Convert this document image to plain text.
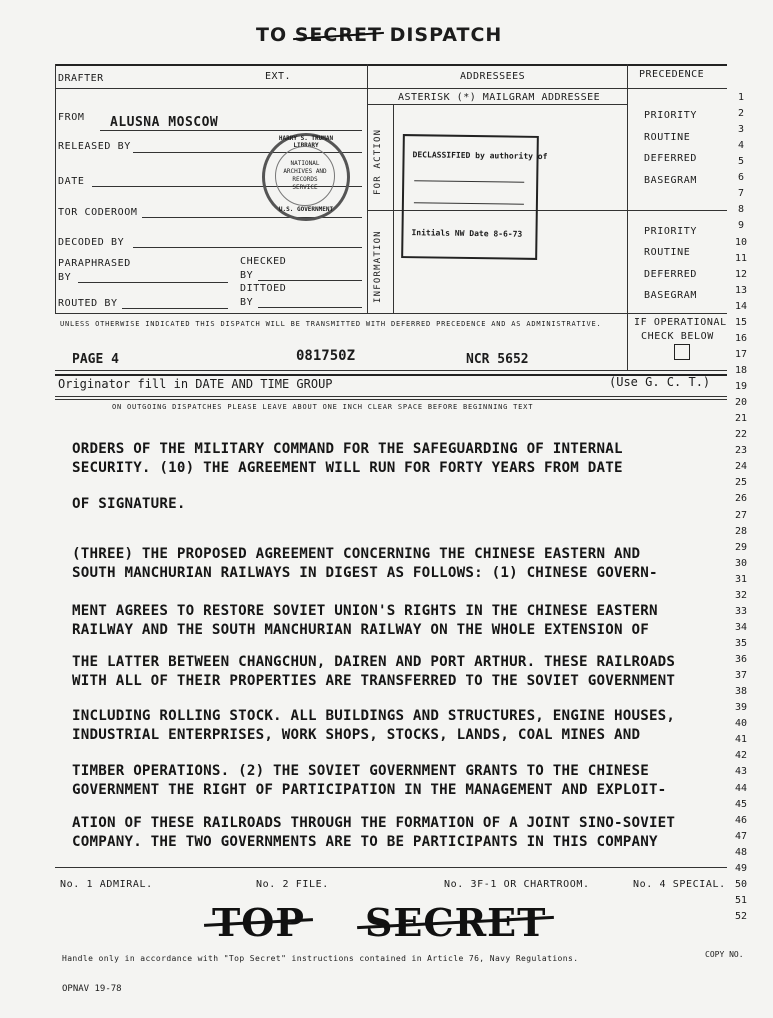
TO SECRET DISPATCH
DRAFTER	EXT.	ADDRESSEES	PRECEDENCE
ASTERISK (*) MAILGRAM ADDRESSEE
FROM ALUSNA MOSCOW
RELEASED BY
DATE
TOR CODEROOM
DECODED BY
PARAPHRASED
BY
CHECKED
BY
DITTOED
BY
ROUTED BY
FOR ACTION
INFORMATION
PRIORITY
ROUTINE
DEFERRED
BASEGRAM
PRIORITY
ROUTINE
DEFERRED
BASEGRAM
HARRY S. TRUMAN LIBRARY
NATIONAL
ARCHIVES AND
RECORDS
SERVICE
U.S. GOVERNMENT
DECLASSIFIED by authority of
Initials NW Date 8-6-73
UNLESS OTHERWISE INDICATED THIS DISPATCH WILL BE TRANSMITTED WITH DEFERRED PRECEDENCE AND AS ADMINISTRATIVE.	IF OPERATIONAL
CHECK BELOW
PAGE 4	081750Z	NCR 5652
Originator fill in DATE AND TIME GROUP	(Use G. C. T.)
ON OUTGOING DISPATCHES PLEASE LEAVE ABOUT ONE INCH CLEAR SPACE BEFORE BEGINNING TEXT
ORDERS OF THE MILITARY COMMAND FOR THE SAFEGUARDING OF INTERNAL
SECURITY. (10) THE AGREEMENT WILL RUN FOR FORTY YEARS FROM DATE
OF SIGNATURE.
(THREE) THE PROPOSED AGREEMENT CONCERNING THE CHINESE EASTERN AND
SOUTH MANCHURIAN RAILWAYS IN DIGEST AS FOLLOWS: (1) CHINESE GOVERN-
MENT AGREES TO RESTORE SOVIET UNION'S RIGHTS IN THE CHINESE EASTERN
RAILWAY AND THE SOUTH MANCHURIAN RAILWAY ON THE WHOLE EXTENSION OF
THE LATTER BETWEEN CHANGCHUN, DAIREN AND PORT ARTHUR. THESE RAILROADS
WITH ALL OF THEIR PROPERTIES ARE TRANSFERRED TO THE SOVIET GOVERNMENT
INCLUDING ROLLING STOCK. ALL BUILDINGS AND STRUCTURES, ENGINE HOUSES,
INDUSTRIAL ENTERPRISES, WORK SHOPS, STOCKS, LANDS, COAL MINES AND
TIMBER OPERATIONS. (2) THE SOVIET GOVERNMENT GRANTS TO THE CHINESE
GOVERNMENT THE RIGHT OF PARTICIPATION IN THE MANAGEMENT AND EXPLOIT-
ATION OF THESE RAILROADS THROUGH THE FORMATION OF A JOINT SINO-SOVIET
COMPANY. THE TWO GOVERNMENTS ARE TO BE PARTICIPANTS IN THIS COMPANY
No. 1 ADMIRAL.	No. 2 FILE.	No. 3F-1 OR CHARTROOM.	No. 4 SPECIAL.
TOP SECRET
Handle only in accordance with "Top Secret" instructions contained in Article 76, Navy Regulations.	COPY NO.
OPNAV 19-78
1
2
3
4
5
6
7
8
9
10
11
12
13
14
15
16
17
18
19
20
21
22
23
24
25
26
27
28
29
30
31
32
33
34
35
36
37
38
39
40
41
42
43
44
45
46
47
48
49
50
51
52
